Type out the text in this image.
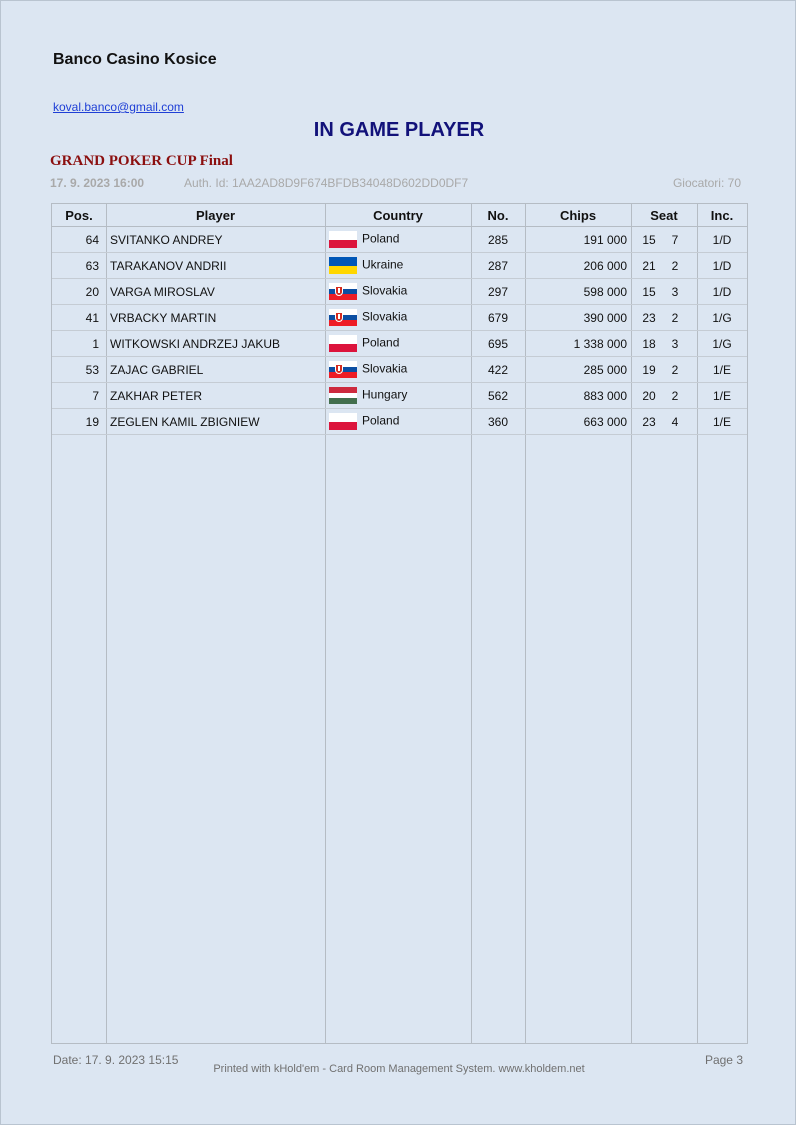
Banco Casino Kosice
koval.banco@gmail.com
IN GAME PLAYER
GRAND POKER CUP Final
17. 9. 2023 16:00	Auth. Id: 1AA2AD8D9F674BFDB34048D602DD0DF7	Giocatori: 70
Pos.	Player	Country	No.	Chips	Seat	Inc.
64	SVITANKO ANDREY	Poland	285	191 000	15 7	1/D
63	TARAKANOV ANDRII	Ukraine	287	206 000	21 2	1/D
20	VARGA MIROSLAV	Slovakia	297	598 000	15 3	1/D
41	VRBACKY MARTIN	Slovakia	679	390 000	23 2	1/G
1	WITKOWSKI ANDRZEJ JAKUB	Poland	695	1 338 000	18 3	1/G
53	ZAJAC GABRIEL	Slovakia	422	285 000	19 2	1/E
7	ZAKHAR PETER	Hungary	562	883 000	20 2	1/E
19	ZEGLEN KAMIL ZBIGNIEW	Poland	360	663 000	23 4	1/E
Date: 17. 9. 2023 15:15
Printed with kHold'em - Card Room Management System. www.kholdem.net
Page 3
